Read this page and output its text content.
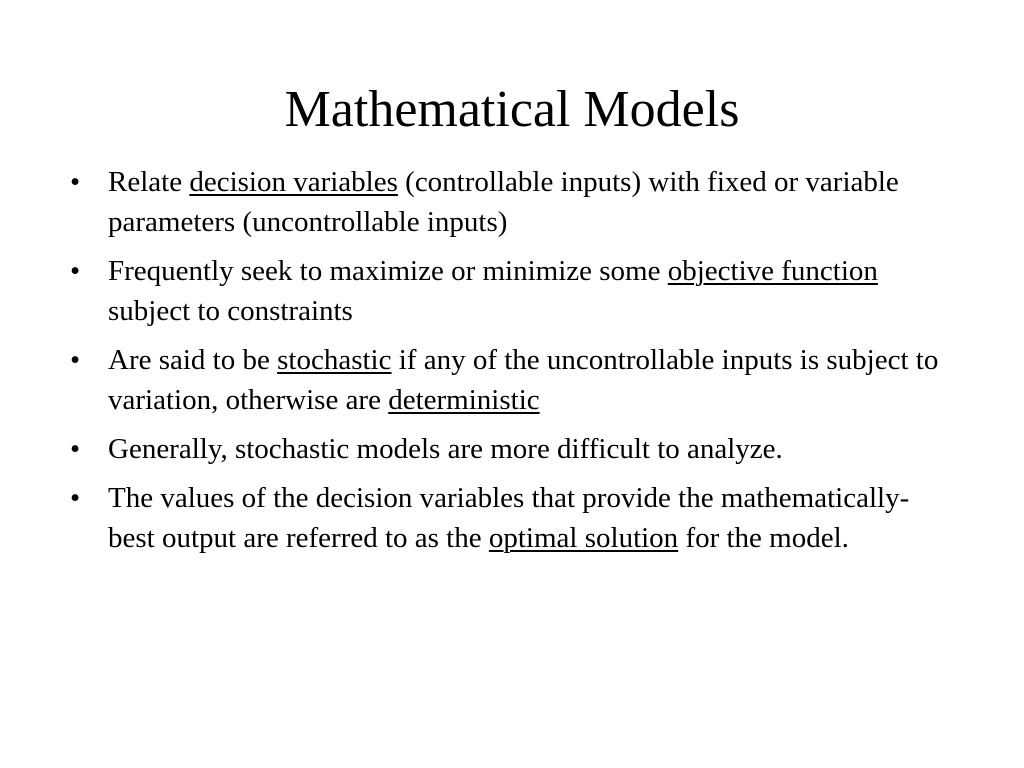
Mathematical Models
• Relate decision variables (controllable inputs) with fixed or variable parameters (uncontrollable inputs)
• Frequently seek to maximize or minimize some objective function subject to constraints
• Are said to be stochastic if any of the uncontrollable inputs is subject to variation, otherwise are deterministic
• Generally, stochastic models are more difficult to analyze.
• The values of the decision variables that provide the mathematically-best output are referred to as the optimal solution for the model.
